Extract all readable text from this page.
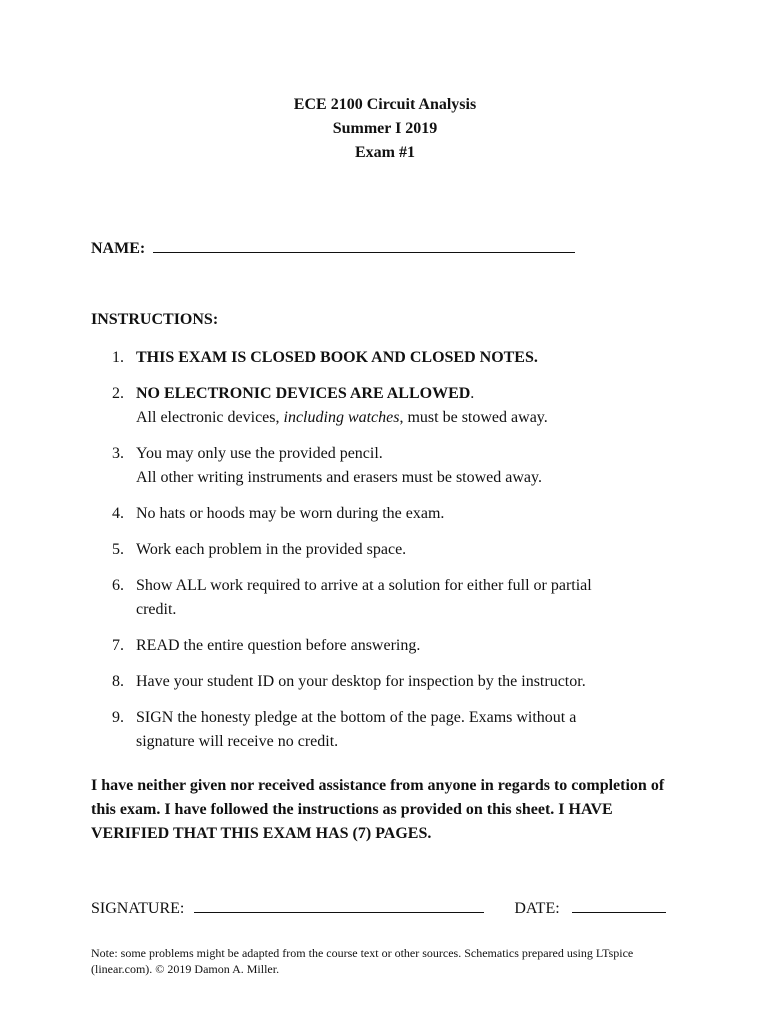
ECE 2100 Circuit Analysis
Summer I 2019
Exam #1
NAME:
INSTRUCTIONS:
1. THIS EXAM IS CLOSED BOOK AND CLOSED NOTES.
2. NO ELECTRONIC DEVICES ARE ALLOWED.
All electronic devices, including watches, must be stowed away.
3. You may only use the provided pencil.
All other writing instruments and erasers must be stowed away.
4. No hats or hoods may be worn during the exam.
5. Work each problem in the provided space.
6. Show ALL work required to arrive at a solution for either full or partial
credit.
7. READ the entire question before answering.
8. Have your student ID on your desktop for inspection by the instructor.
9. SIGN the honesty pledge at the bottom of the page. Exams without a
signature will receive no credit.
I have neither given nor received assistance from anyone in regards to completion of this exam. I have followed the instructions as provided on this sheet. I HAVE VERIFIED THAT THIS EXAM HAS (7) PAGES.
SIGNATURE:	DATE:
Note: some problems might be adapted from the course text or other sources. Schematics prepared using LTspice (linear.com). © 2019 Damon A. Miller.
